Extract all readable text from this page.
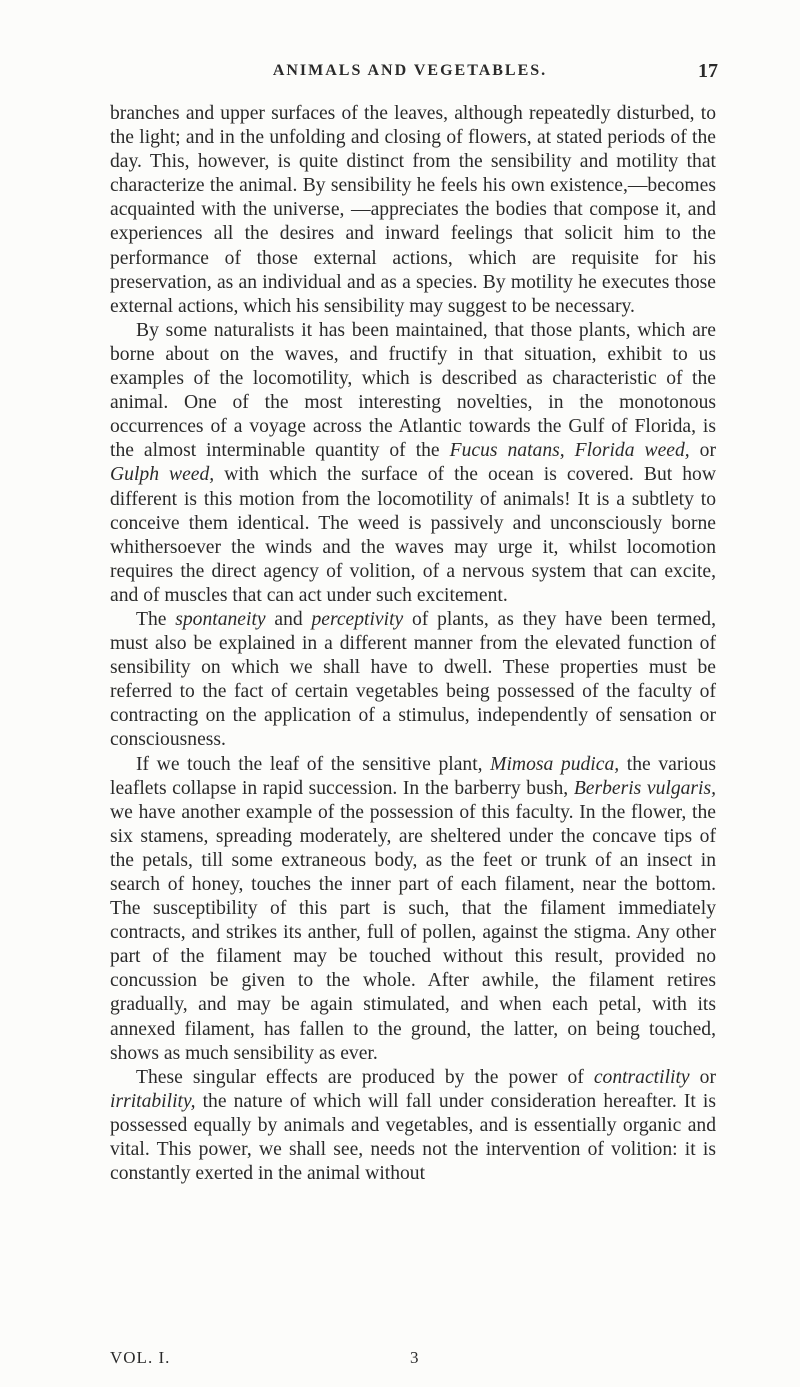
ANIMALS AND VEGETABLES.	17

branches and upper surfaces of the leaves, although repeatedly disturbed, to the light; and in the unfolding and closing of flowers, at stated periods of the day. This, however, is quite distinct from the sensibility and motility that characterize the animal. By sensibility he feels his own existence,—becomes acquainted with the universe, —appreciates the bodies that compose it, and experiences all the desires and inward feelings that solicit him to the performance of those external actions, which are requisite for his preservation, as an individual and as a species. By motility he executes those external actions, which his sensibility may suggest to be necessary.

By some naturalists it has been maintained, that those plants, which are borne about on the waves, and fructify in that situation, exhibit to us examples of the locomotility, which is described as characteristic of the animal. One of the most interesting novelties, in the monotonous occurrences of a voyage across the Atlantic towards the Gulf of Florida, is the almost interminable quantity of the Fucus natans, Florida weed, or Gulph weed, with which the surface of the ocean is covered. But how different is this motion from the locomotility of animals! It is a subtlety to conceive them identical. The weed is passively and unconsciously borne whithersoever the winds and the waves may urge it, whilst locomotion requires the direct agency of volition, of a nervous system that can excite, and of muscles that can act under such excitement.

The spontaneity and perceptivity of plants, as they have been termed, must also be explained in a different manner from the elevated function of sensibility on which we shall have to dwell. These properties must be referred to the fact of certain vegetables being possessed of the faculty of contracting on the application of a stimulus, independently of sensation or consciousness.

If we touch the leaf of the sensitive plant, Mimosa pudica, the various leaflets collapse in rapid succession. In the barberry bush, Berberis vulgaris, we have another example of the possession of this faculty. In the flower, the six stamens, spreading moderately, are sheltered under the concave tips of the petals, till some extraneous body, as the feet or trunk of an insect in search of honey, touches the inner part of each filament, near the bottom. The susceptibility of this part is such, that the filament immediately contracts, and strikes its anther, full of pollen, against the stigma. Any other part of the filament may be touched without this result, provided no concussion be given to the whole. After awhile, the filament retires gradually, and may be again stimulated, and when each petal, with its annexed filament, has fallen to the ground, the latter, on being touched, shows as much sensibility as ever.

These singular effects are produced by the power of contractility or irritability, the nature of which will fall under consideration hereafter. It is possessed equally by animals and vegetables, and is essentially organic and vital. This power, we shall see, needs not the intervention of volition: it is constantly exerted in the animal without

VOL. I.	3
